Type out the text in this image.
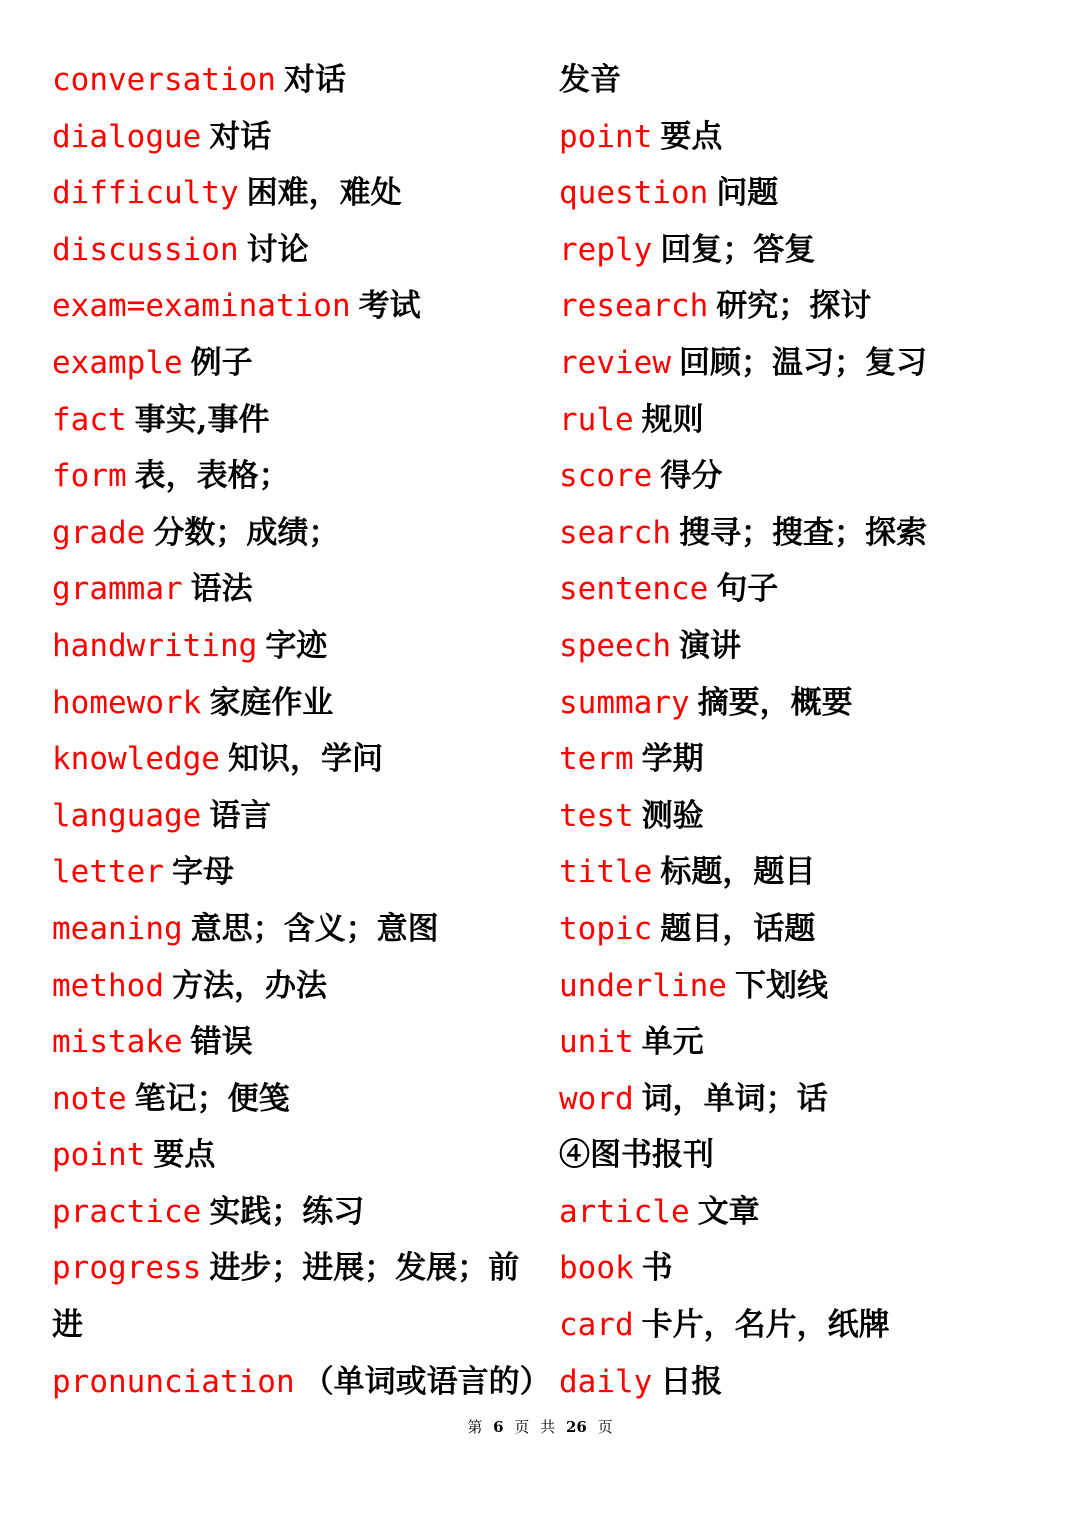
conversation 对话
dialogue 对话
difficulty 困难，难处
discussion 讨论
exam=examination 考试
example 例子
fact 事实,事件
form 表，表格；
grade 分数；成绩；
grammar 语法
handwriting 字迹
homework 家庭作业
knowledge 知识，学问
language 语言
letter 字母
meaning 意思；含义；意图
method 方法，办法
mistake 错误
note 笔记；便笺
point 要点
practice 实践；练习
progress 进步；进展；发展；前进
pronunciation （单词或语言的）
发音
point 要点
question 问题
reply 回复；答复
research 研究；探讨
review 回顾；温习；复习
rule 规则
score 得分
search 搜寻；搜查；探索
sentence 句子
speech 演讲
summary 摘要，概要
term 学期
test 测验
title 标题，题目
topic 题目，话题
underline 下划线
unit 单元
word 词，单词；话
④图书报刊
article 文章
book 书
card 卡片，名片，纸牌
daily 日报
第 6 页 共 26 页
